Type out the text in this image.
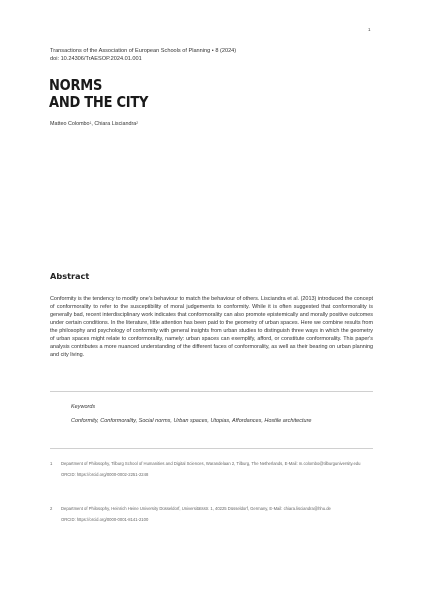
1
Transactions of the Association of European Schools of Planning • 8 (2024)
doi: 10.24306/TrAESOP.2024.01.001
NORMS
AND THE CITY
Matteo Colombo$^1$, Chiara Lisciandra$^2$
Abstract
Conformity is the tendency to modify one's behaviour to match the behaviour of others. Lisciandra et al. (2013) introduced the concept of conformorality to refer to the susceptibility of moral judgements to conformity. While it is often suggested that conformorality is generally bad, recent interdisciplinary work indicates that conformorality can also promote epistemically and morally positive outcomes under certain conditions. In the literature, little attention has been paid to the geometry of urban spaces. Here we combine results from the philosophy and psychology of conformity with general insights from urban studies to distinguish three ways in which the geometry of urban spaces might relate to conformorality, namely: urban spaces can exemplify, afford, or constitute conformorality. This paper's analysis contributes a more nuanced understanding of the different faces of conformorality, as well as their bearing on urban planning and city living.
Keywords
Conformity, Conformorality, Social norms, Urban spaces, Utopias, Affordances, Hostile architecture
1 Department of Philosophy, Tilburg School of Humanities and Digital Sciences, Warandelaan 2, Tilburg, The Netherlands, E-Mail: m.colombo@tilburguniversity.edu
ORCID: https://orcid.org/0000-0002-2251-2248
2 Department of Philosophy, Heinrich Heine University Düsseldorf, Universitätsstr. 1, 40225 Düsseldorf, Germany, E-Mail: chiara.lisciandra@hhu.de
ORCID: https://orcid.org/0000-0001-8141-2100
